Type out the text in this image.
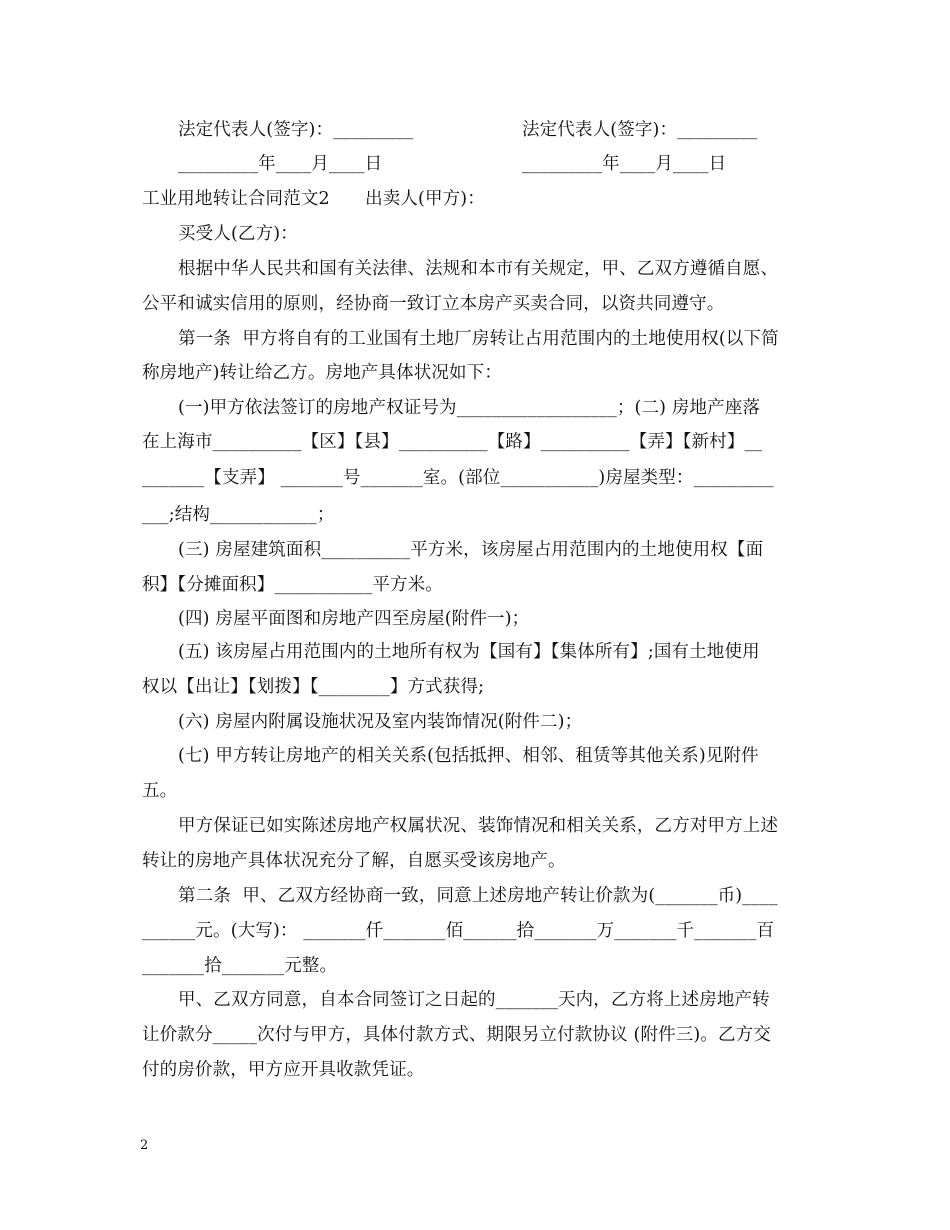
法定代表人(签字)：_________	法定代表人(签字)：_________
_________年____月____日	_________年____月____日
工业用地转让合同范文2　　出卖人(甲方)：
买受人(乙方)：
根据中华人民共和国有关法律、法规和本市有关规定，甲、乙双方遵循自愿、
公平和诚实信用的原则，经协商一致订立本房产买卖合同，以资共同遵守。
第一条  甲方将自有的工业国有土地厂房转让占用范围内的土地使用权(以下简
称房地产)转让给乙方。房地产具体状况如下：
(一)甲方依法签订的房地产权证号为__________________；(二) 房地产座落
在上海市__________【区】【县】__________【路】__________【弄】【新村】__
_______【支弄】 _______号_______室。(部位___________)房屋类型：_________
___;结构____________；
(三) 房屋建筑面积__________平方米，该房屋占用范围内的土地使用权【面
积】【分摊面积】___________平方米。
(四) 房屋平面图和房地产四至房屋(附件一)；
(五) 该房屋占用范围内的土地所有权为【国有】【集体所有】;国有土地使用
权以【出让】【划拨】【________】方式获得;
(六) 房屋内附属设施状况及室内装饰情况(附件二)；
(七) 甲方转让房地产的相关关系(包括抵押、相邻、租赁等其他关系)见附件
五。
甲方保证已如实陈述房地产权属状况、装饰情况和相关关系，乙方对甲方上述
转让的房地产具体状况充分了解，自愿买受该房地产。
第二条  甲、乙双方经协商一致，同意上述房地产转让价款为(_______币)____
______元。(大写)： _______仟_______佰______拾_______万_______千_______百
_______拾_______元整。
甲、乙双方同意，自本合同签订之日起的_______天内，乙方将上述房地产转
让价款分_____次付与甲方，具体付款方式、期限另立付款协议 (附件三)。乙方交
付的房价款，甲方应开具收款凭证。
2
